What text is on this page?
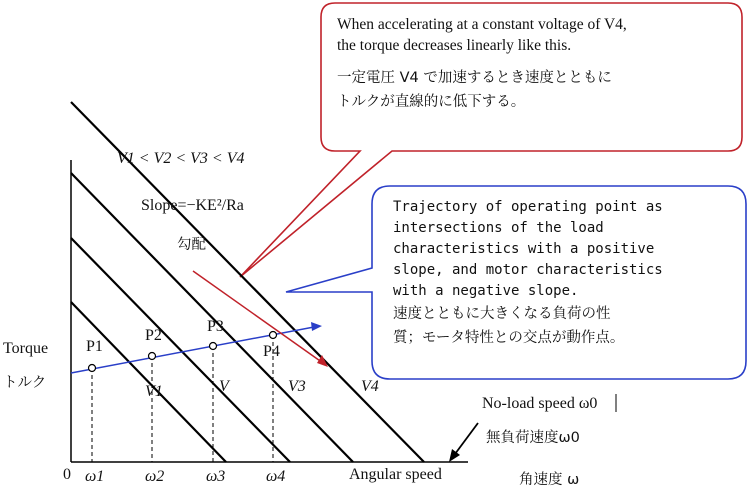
When accelerating at a constant voltage of V4,
the torque decreases linearly like this.
一定電圧 V4 で加速するとき速度とともに
トルクが直線的に低下する。
Trajectory of operating point as
intersections of the load
characteristics with a positive
slope, and motor characteristics
with a negative slope.
速度とともに大きくなる負荷の性
質；モータ特性との交点が動作点。
V1 < V2 < V3 < V4
Slope=−KE²/Ra
勾配
Torque
トルク
P1
P2
P3
P4
V1	V	V3	V4
No-load speed ω0
無負荷速度ω0
0 ω1	ω2	ω3	ω4	Angular speed	角速度 ω
